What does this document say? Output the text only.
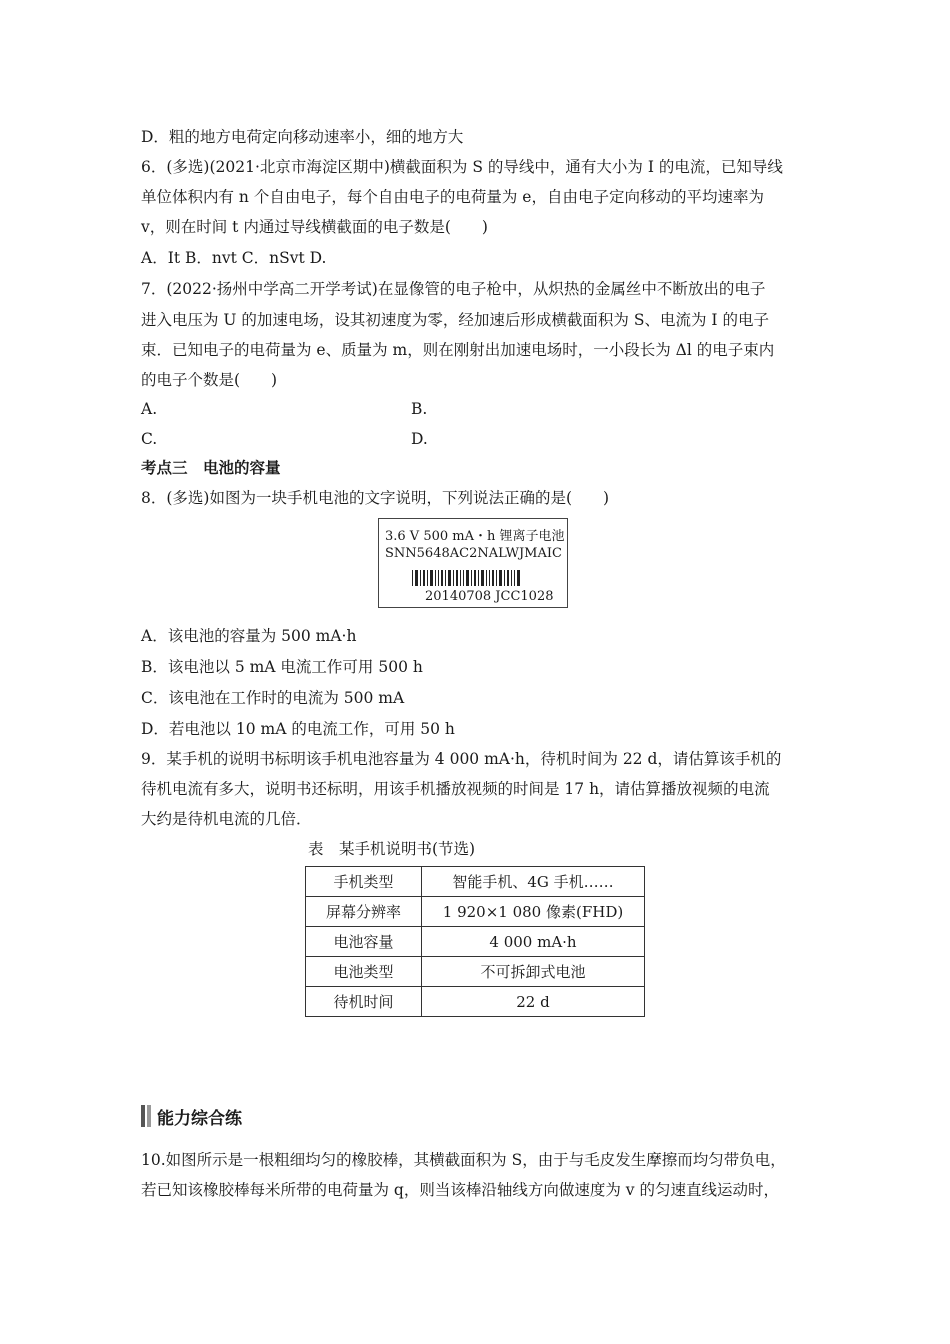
D．粗的地方电荷定向移动速率小，细的地方大
6．(多选)(2021·北京市海淀区期中)横截面积为 S 的导线中，通有大小为 I 的电流，已知导线
单位体积内有 n 个自由电子，每个自由电子的电荷量为 e，自由电子定向移动的平均速率为
v，则在时间 t 内通过导线横截面的电子数是(　　)
A．It B．nvt C．nSvt D.
7．(2022·扬州中学高二开学考试)在显像管的电子枪中，从炽热的金属丝中不断放出的电子
进入电压为 U 的加速电场，设其初速度为零，经加速后形成横截面积为 S、电流为 I 的电子
束．已知电子的电荷量为 e、质量为 m，则在刚射出加速电场时，一小段长为 Δl 的电子束内
的电子个数是(　　)
A.	B.
C.	D.
考点三　电池的容量
8．(多选)如图为一块手机电池的文字说明，下列说法正确的是(　　)
3.6 V 500 mA・h 锂离子电池
SNN5648AC2NALWJMAIC
20140708 JCC1028
A．该电池的容量为 500 mA·h
B．该电池以 5 mA 电流工作可用 500 h
C．该电池在工作时的电流为 500 mA
D．若电池以 10 mA 的电流工作，可用 50 h
9．某手机的说明书标明该手机电池容量为 4 000 mA·h，待机时间为 22 d，请估算该手机的
待机电流有多大，说明书还标明，用该手机播放视频的时间是 17 h，请估算播放视频的电流
大约是待机电流的几倍．
表　某手机说明书(节选)
手机类型	智能手机、4G 手机……
屏幕分辨率	1 920×1 080 像素(FHD)
电池容量	4 000 mA·h
电池类型	不可拆卸式电池
待机时间	22 d
能力综合练
10.如图所示是一根粗细均匀的橡胶棒，其横截面积为 S，由于与毛皮发生摩擦而均匀带负电，
若已知该橡胶棒每米所带的电荷量为 q，则当该棒沿轴线方向做速度为 v 的匀速直线运动时，
